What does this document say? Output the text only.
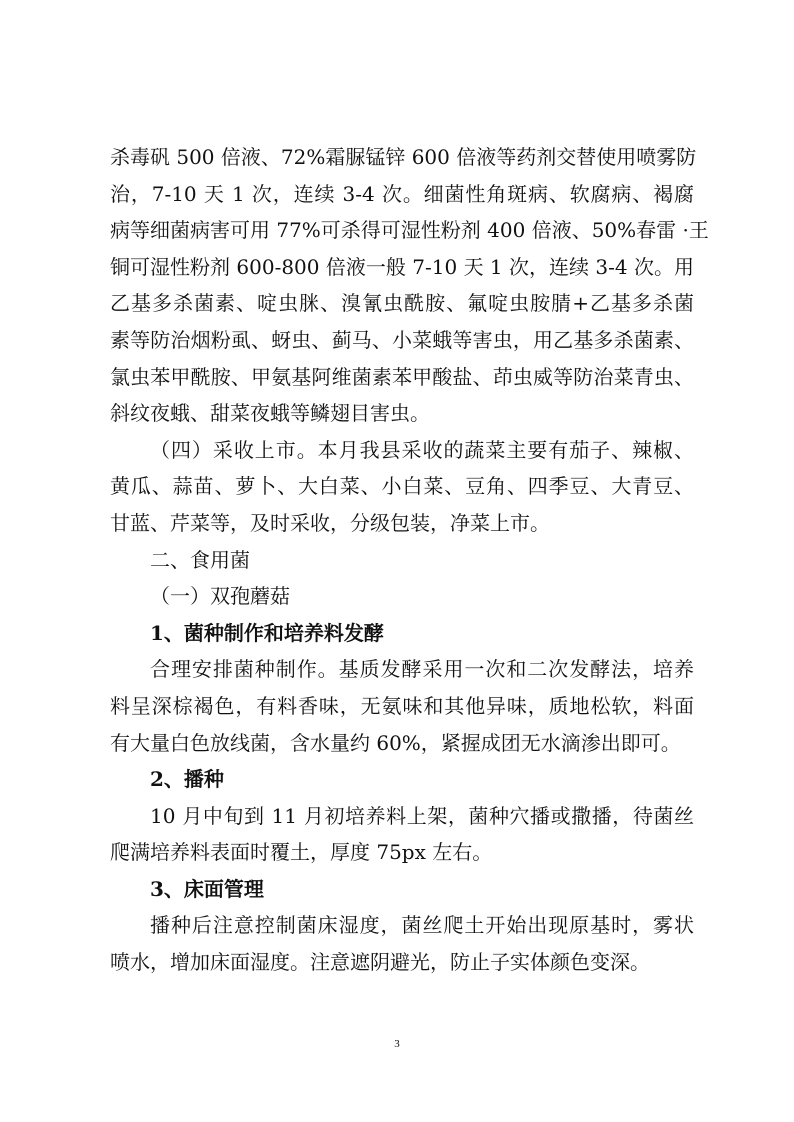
杀毒矾 500 倍液、72%霜脲锰锌 600 倍液等药剂交替使用喷雾防
治，7-10 天 1 次，连续 3-4 次。细菌性角斑病、软腐病、褐腐
病等细菌病害可用 77%可杀得可湿性粉剂 400 倍液、50%春雷 ·王
铜可湿性粉剂 600-800 倍液一般 7-10 天 1 次，连续 3-4 次。用
乙基多杀菌素、啶虫脒、溴氰虫酰胺、氟啶虫胺腈+乙基多杀菌
素等防治烟粉虱、蚜虫、蓟马、小菜蛾等害虫，用乙基多杀菌素、
氯虫苯甲酰胺、甲氨基阿维菌素苯甲酸盐、茚虫威等防治菜青虫、
斜纹夜蛾、甜菜夜蛾等鳞翅目害虫。
（四）采收上市。本月我县采收的蔬菜主要有茄子、辣椒、
黄瓜、蒜苗、萝卜、大白菜、小白菜、豆角、四季豆、大青豆、
甘蓝、芹菜等，及时采收，分级包装，净菜上市。
二、食用菌
（一）双孢蘑菇
1、菌种制作和培养料发酵
合理安排菌种制作。基质发酵采用一次和二次发酵法，培养
料呈深棕褐色，有料香味，无氨味和其他异味，质地松软，料面
有大量白色放线菌，含水量约 60%，紧握成团无水滴渗出即可。
2、播种
10 月中旬到 11 月初培养料上架，菌种穴播或撒播，待菌丝
爬满培养料表面时覆土，厚度 75px 左右。
3、床面管理
播种后注意控制菌床湿度，菌丝爬土开始出现原基时，雾状
喷水，增加床面湿度。注意遮阴避光，防止子实体颜色变深。
3
